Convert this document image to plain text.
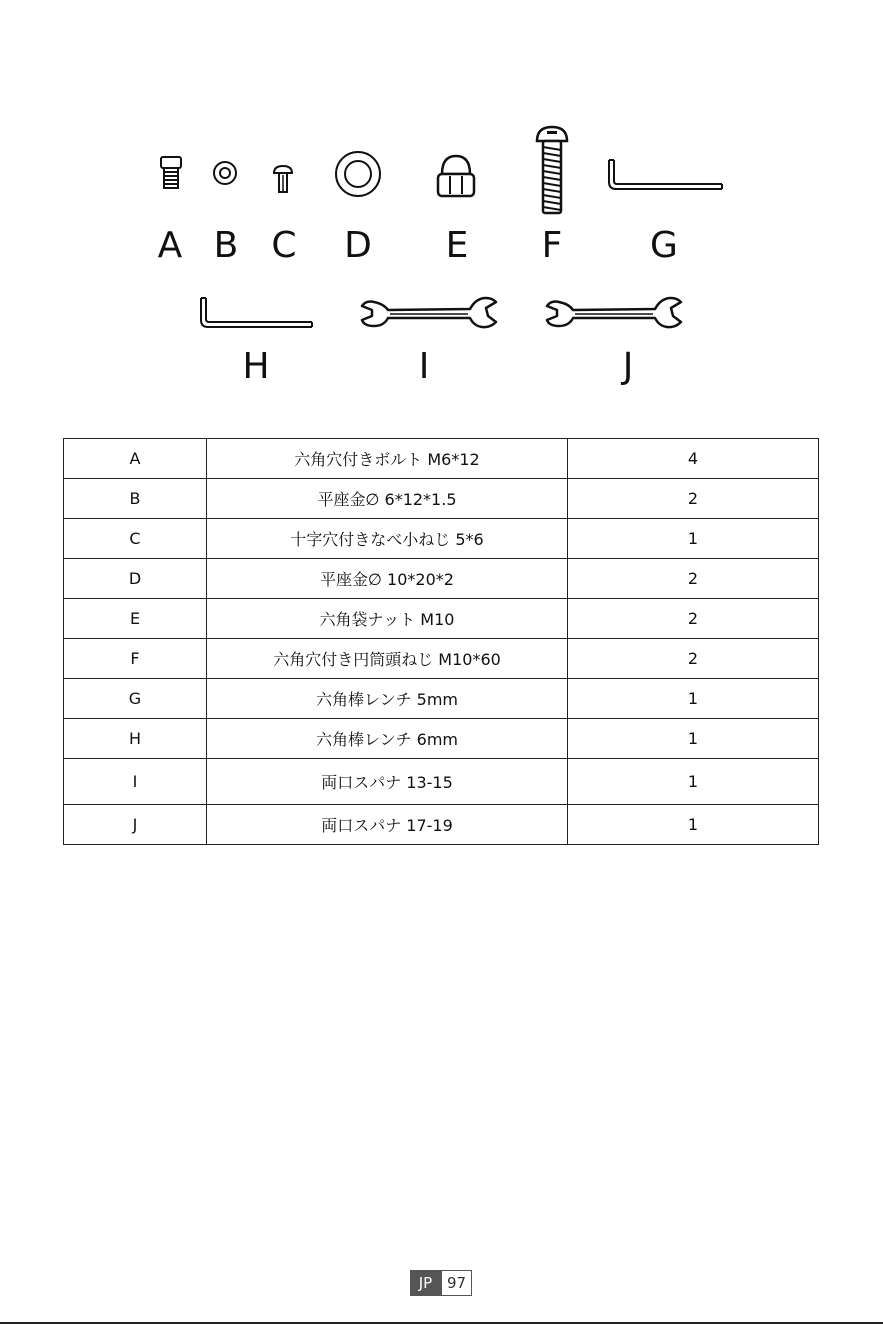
A B C	D	E	F	G
H	I	J
A	六角穴付きボルト M6*12	4
B	平座金∅ 6*12*1.5	2
C	十字穴付きなべ小ねじ 5*6	1
D	平座金∅ 10*20*2	2
E	六角袋ナット M10	2
F	六角穴付き円筒頭ねじ M10*60	2
G	六角棒レンチ 5mm	1
H	六角棒レンチ 6mm	1
I	両口スパナ 13-15	1
J	両口スパナ 17-19	1
JP 97
